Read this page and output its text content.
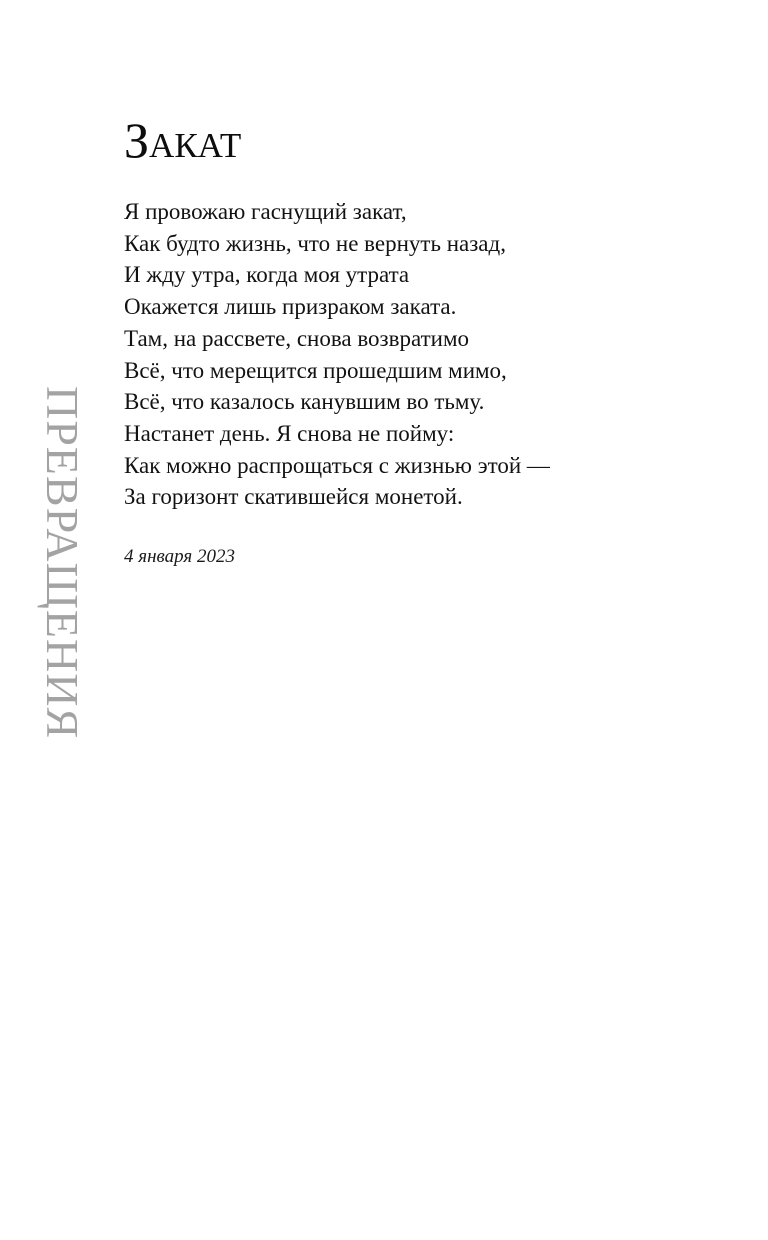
ПРЕВРАЩЕНИЯ
Закат
Я провожаю гаснущий закат,
Как будто жизнь, что не вернуть назад,
И жду утра, когда моя утрата
Окажется лишь призраком заката.
Там, на рассвете, снова возвратимо
Всё, что мерещится прошедшим мимо,
Всё, что казалось канувшим во тьму.
Настанет день. Я снова не пойму:
Как можно распрощаться с жизнью этой —
За горизонт скатившейся монетой.

4 января 2023
